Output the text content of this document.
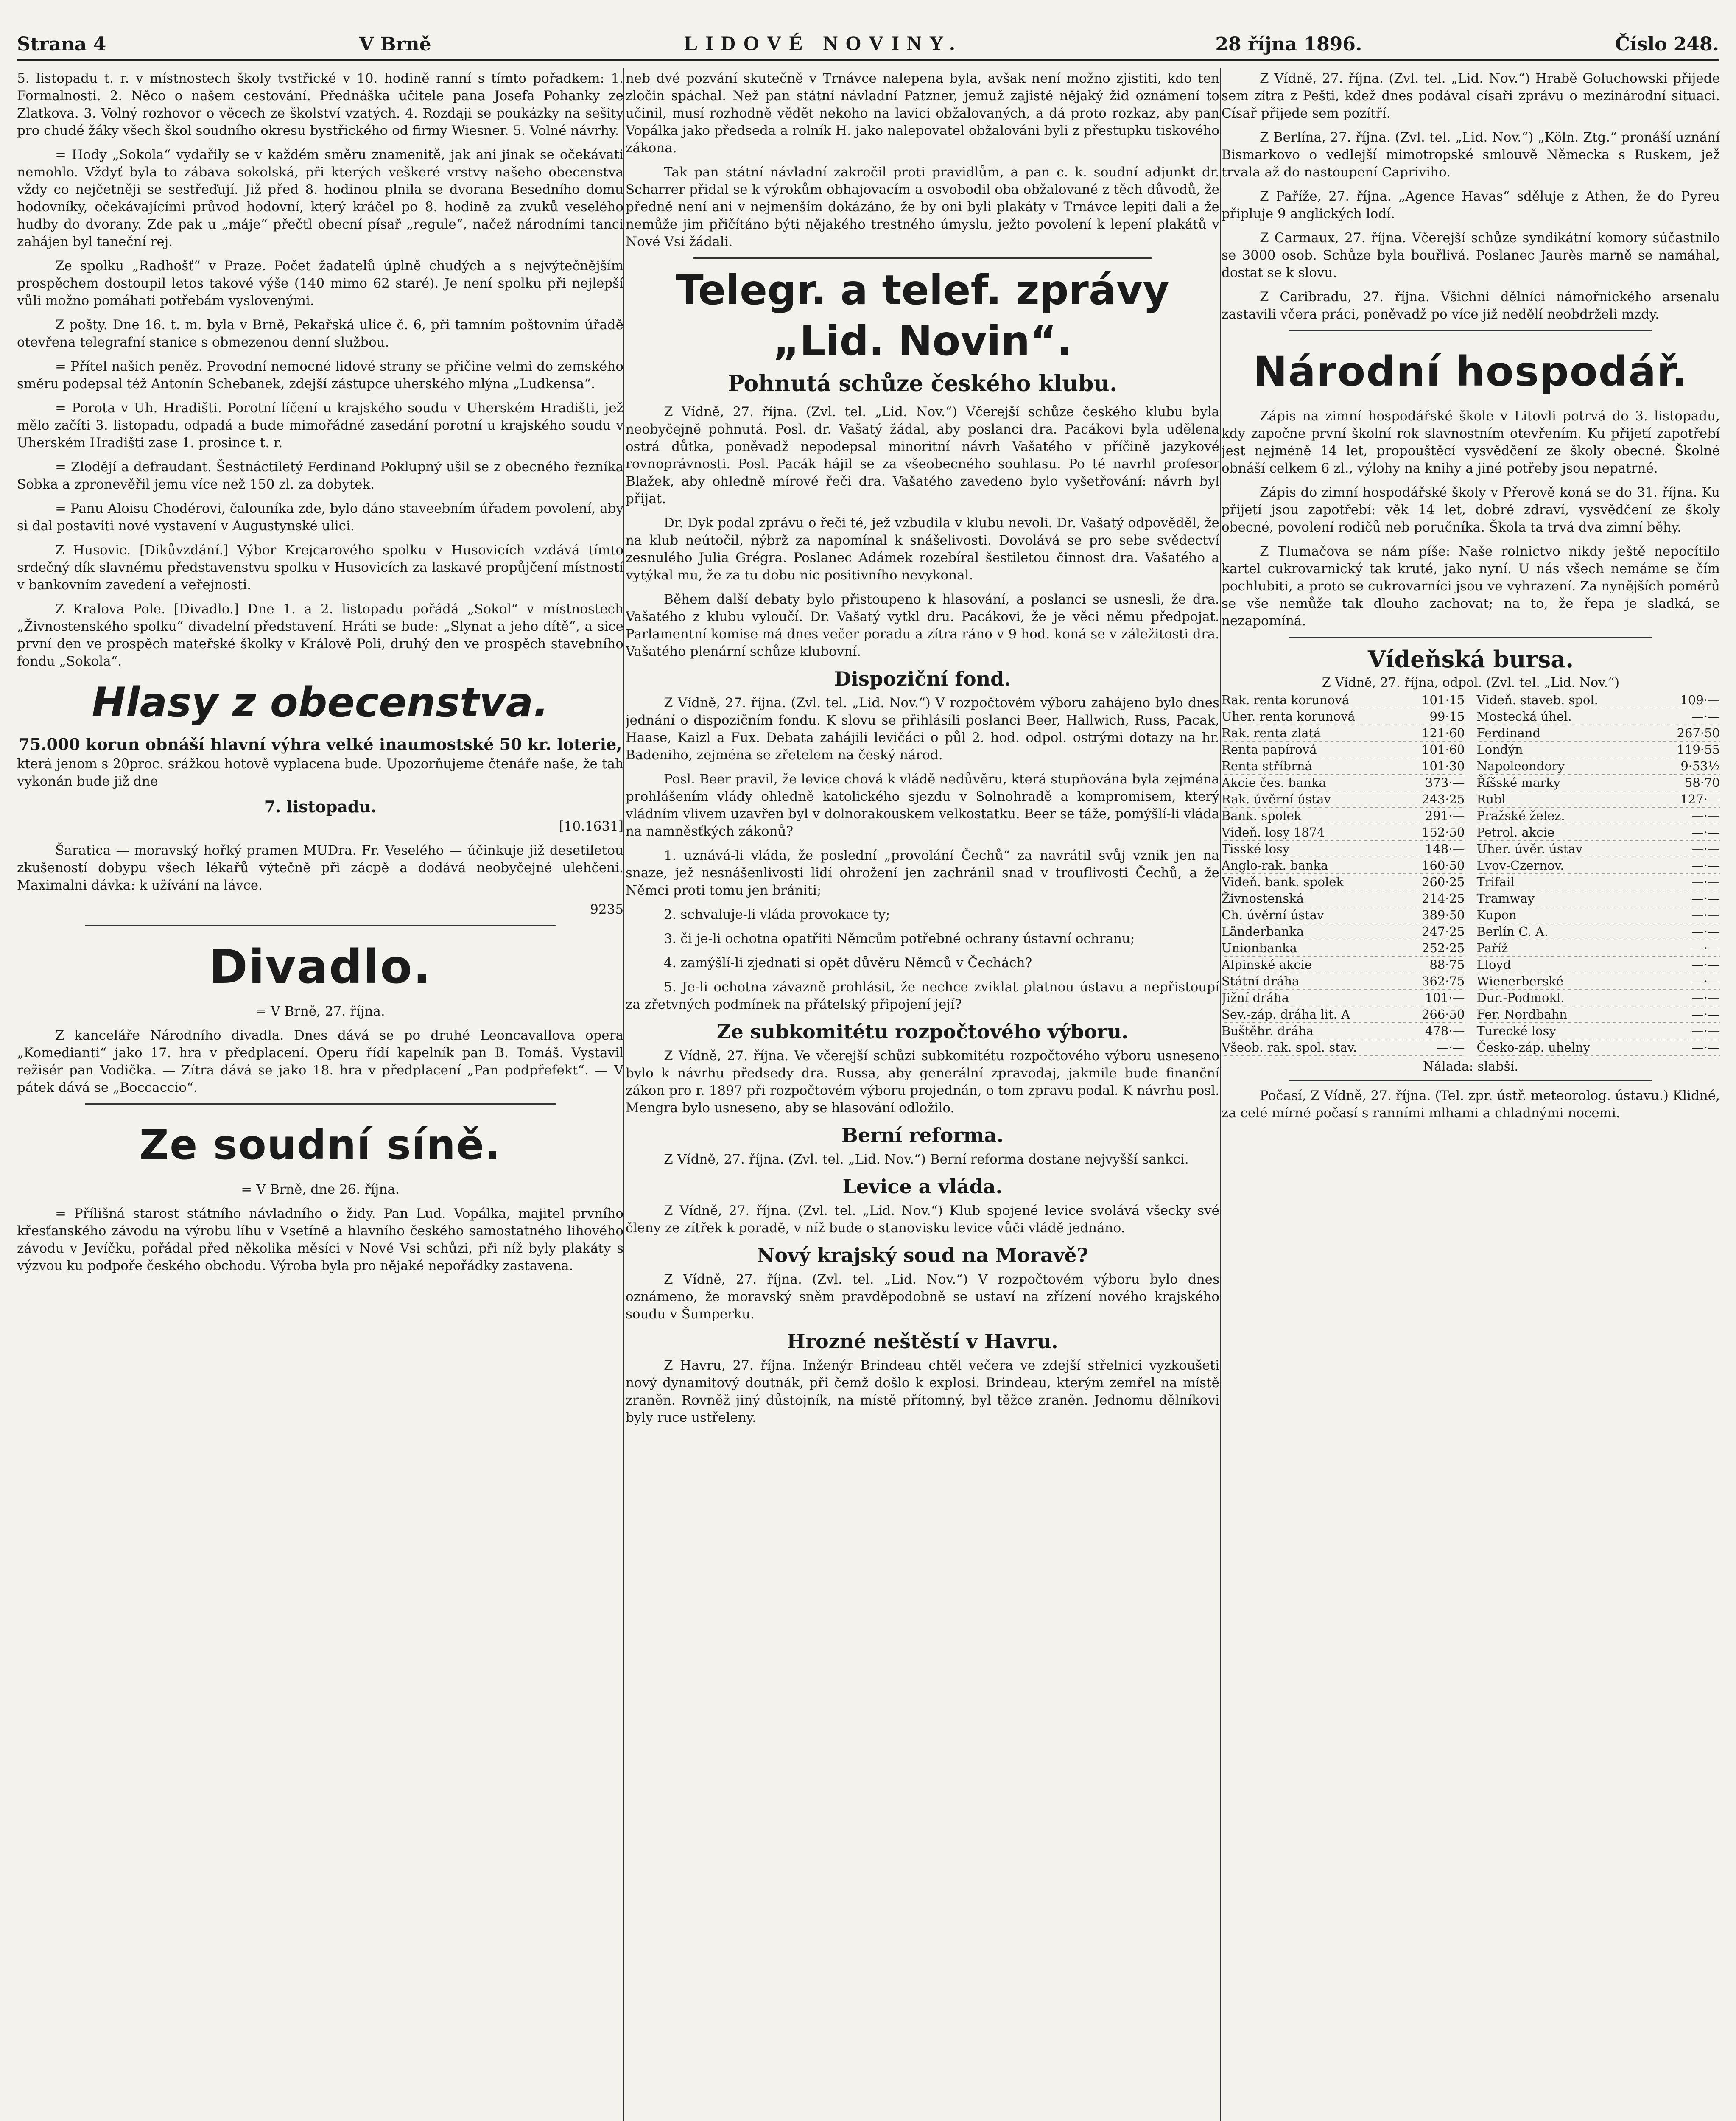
Strana 4	V Brně	LIDOVÉ NOVINY.	28 října 1896.	Číslo 248.

5. listopadu t. r. v místnostech školy tvstřické v 10. hodině ranní s tímto pořadkem: 1. Formalnosti. 2. Něco o našem cestování. Přednáška učitele pana Josefa Pohanky ze Zlatkova. 3. Volný rozhovor o věcech ze školství vzatých. 4. Rozdaji se poukázky na sešity pro chudé žáky všech škol soudního okresu bystřického od firmy Wiesner. 5. Volné návrhy.

= Hody „Sokola“ vydařily se v každém směru znamenitě, jak ani jinak se očekávati nemohlo. Vždyť byla to zábava sokolská, při kterých veškeré vrstvy našeho obecenstva vždy co nejčetněji se sestřeďují. Již před 8. hodinou plnila se dvorana Besedního domu hodovníky, očekávajícími průvod hodovní, který kráčel po 8. hodině za zvuků veselého hudby do dvorany. Zde pak u „máje“ přečtl obecní písař „regule“, načež národními tanci zahájen byl taneční rej.

Ze spolku „Radhošť“ v Praze. Počet žadatelů úplně chudých a s nejvýtečnějším prospěchem dostoupil letos takové výše (140 mimo 62 staré). Je není spolku při nejlepší vůli možno pomáhati potřebám vyslovenými.

Z pošty. Dne 16. t. m. byla v Brně, Pekařská ulice č. 6, při tamním poštovním úřadě otevřena telegrafní stanice s obmezenou denní službou.

= Přítel našich peněz. Provodní nemocné lidové strany se přičine velmi do zemského směru podepsal též Antonín Schebanek, zdejší zástupce uherského mlýna „Ludkensa“.

= Porota v Uh. Hradišti. Porotní líčení u krajského soudu v Uherském Hradišti, jež mělo začíti 3. listopadu, odpadá a bude mimořádné zasedání porotní u krajského soudu v Uherském Hradišti zase 1. prosince t. r.

= Zlodějí a defraudant. Šestnáctiletý Ferdinand Poklupný ušil se z obecného řezníka Sobka a zpronevěřil jemu více než 150 zl. za dobytek.

= Panu Aloisu Chodérovi, čalouníka zde, bylo dáno staveebním úřadem povolení, aby si dal postaviti nové vystavení v Augustynské ulici.

Z Husovic. [Dikůvzdání.] Výbor Krejcarového spolku v Husovicích vzdává tímto srdečný dík slavnému představenstvu spolku v Husovicích za laskavé propůjčení místností v bankovním zavedení a veřejnosti.

Z Kralova Pole. [Divadlo.] Dne 1. a 2. listopadu pořádá „Sokol“ v místnostech „Živnostenského spolku“ divadelní představení. Hráti se bude: „Slynat a jeho dítě“, a sice první den ve prospěch mateřské školky v Králově Poli, druhý den ve prospěch stavebního fondu „Sokola“.

Hlasy z obecenstva.
75.000 korun obnáší hlavní výhra velké inaumostské 50 kr. loterie,

která jenom s 20proc. srážkou hotově vyplacena bude. Upozorňujeme čtenáře naše, že tah vykonán bude již dne

7. listopadu.
[10.1631]

Šaratica — moravský hořký pramen MUDra. Fr. Veselého — účinkuje již desetiletou zkušeností dobypu všech lékařů výtečně při zácpě a dodává neobyčejné ulehčeni. Maximalni dávka: k užívání na lávce.

9235
Divadlo.
= V Brně, 27. října.

Z kanceláře Národního divadla. Dnes dává se po druhé Leoncavallova opera „Komedianti“ jako 17. hra v předplacení. Operu řídí kapelník pan B. Tomáš. Vystavil režisér pan Vodička. — Zítra dává se jako 18. hra v předplacení „Pan podpřefekt“. — V pátek dává se „Boccaccio“.

Ze soudní síně.
= V Brně, dne 26. října.

= Přílišná starost státního návladního o židy. Pan Lud. Vopálka, majitel prvního křesťanského závodu na výrobu líhu v Vsetíně a hlavního českého samostatného lihového závodu v Jevíčku, pořádal před několika měsíci v Nové Vsi schůzi, při níž byly plakáty s výzvou ku podpoře českého obchodu. Výroba byla pro nějaké nepořádky zastavena.

neb dvé pozvání skutečně v Trnávce nalepena byla, avšak není možno zjistiti, kdo ten zločin spáchal. Než pan státní návladní Patzner, jemuž zajisté nějaký žid oznámení to učinil, musí rozhodně vědět nekoho na lavici obžalovaných, a dá proto rozkaz, aby pan Vopálka jako předseda a rolník H. jako nalepovatel obžalováni byli z přestupku tiskového zákona.

Tak pan státní návladní zakročil proti pravidlům, a pan c. k. soudní adjunkt dr. Scharrer přidal se k výrokům obhajovacím a osvobodil oba obžalované z těch důvodů, že předně není ani v nejmenším dokázáno, že by oni byli plakáty v Trnávce lepiti dali a že nemůže jim přičítáno býti nějakého trestného úmyslu, ježto povolení k lepení plakátů v Nové Vsi žádali.

Telegr. a telef. zprávy „Lid. Novin“.
Pohnutá schůze českého klubu.

Z Vídně, 27. října. (Zvl. tel. „Lid. Nov.“) Včerejší schůze českého klubu byla neobyčejně pohnutá. Posl. dr. Vašatý žádal, aby poslanci dra. Pacákovi byla udělena ostrá důtka, poněvadž nepodepsal minoritní návrh Vašatého v příčině jazykové rovnoprávnosti. Posl. Pacák hájil se za všeobecného souhlasu. Po té navrhl profesor Blažek, aby ohledně mírové řeči dra. Vašatého zavedeno bylo vyšetřování: návrh byl přijat.

Dr. Dyk podal zprávu o řeči té, jež vzbudila v klubu nevoli. Dr. Vašatý odpověděl, že na klub neútočil, nýbrž za napomínal k snášelivosti. Dovolává se pro sebe svědectví zesnulého Julia Grégra. Poslanec Adámek rozebíral šestiletou činnost dra. Vašatého a vytýkal mu, že za tu dobu nic positivního nevykonal.

Během další debaty bylo přistoupeno k hlasování, a poslanci se usnesli, že dra. Vašatého z klubu vyloučí. Dr. Vašatý vytkl dru. Pacákovi, že je věci němu předpojat. Parlamentní komise má dnes večer poradu a zítra ráno v 9 hod. koná se v záležitosti dra. Vašatého plenární schůze klubovní.

Dispoziční fond.

Z Vídně, 27. října. (Zvl. tel. „Lid. Nov.“) V rozpočtovém výboru zahájeno bylo dnes jednání o dispozičním fondu. K slovu se přihlásili poslanci Beer, Hallwich, Russ, Pacak, Haase, Kaizl a Fux. Debata zahájili levičáci o půl 2. hod. odpol. ostrými dotazy na hr. Badeniho, zejména se zřetelem na český národ.

Posl. Beer pravil, že levice chová k vládě nedůvěru, která stupňována byla zejména prohlášením vlády ohledně katolického sjezdu v Solnohradě a kompromisem, který vládním vlivem uzavřen byl v dolnorakouskem velkostatku. Beer se táže, pomýšlí-li vláda na namněsťkých zákonů?

1. uznává-li vláda, že poslední „provolání Čechů“ za navrátil svůj vznik jen na snaze, jež nesnášenlivosti lidí ohrožení jen zachránil snad v trouflivosti Čechů, a že Němci proti tomu jen brániti;

2. schvaluje-li vláda provokace ty;

3. či je-li ochotna opatřiti Němcům potřebné ochrany ústavní ochranu;

4. zamýšlí-li zjednati si opět důvěru Němců v Čechách?

5. Je-li ochotna závazně prohlásit, že nechce zviklat platnou ústavu a nepřistoupí za zřetvných podmínek na přátelský připojení její?

Ze subkomitétu rozpočtového výboru.

Z Vídně, 27. října. Ve včerejší schůzi subkomitétu rozpočtového výboru usneseno bylo k návrhu předsedy dra. Russa, aby generální zpravodaj, jakmile bude finanční zákon pro r. 1897 při rozpočtovém výboru projednán, o tom zpravu podal. K návrhu posl. Mengra bylo usneseno, aby se hlasování odložilo.

Berní reforma.

Z Vídně, 27. října. (Zvl. tel. „Lid. Nov.“) Berní reforma dostane nejvyšší sankci.

Levice a vláda.

Z Vídně, 27. října. (Zvl. tel. „Lid. Nov.“) Klub spojené levice svolává všecky své členy ze zítřek k poradě, v níž bude o stanovisku levice vůči vládě jednáno.

Nový krajský soud na Moravě?

Z Vídně, 27. října. (Zvl. tel. „Lid. Nov.“) V rozpočtovém výboru bylo dnes oznámeno, že moravský sněm pravděpodobně se ustaví na zřízení nového krajského soudu v Šumperku.

Hrozné neštěstí v Havru.

Z Havru, 27. října. Inženýr Brindeau chtěl večera ve zdejší střelnici vyzkoušeti nový dynamitový doutnák, při čemž došlo k explosi. Brindeau, kterým zemřel na místě zraněn. Rovněž jiný důstojník, na místě přítomný, byl těžce zraněn. Jednomu dělníkovi byly ruce ustřeleny.

Z Vídně, 27. října. (Zvl. tel. „Lid. Nov.“) Hrabě Goluchowski přijede sem zítra z Pešti, kdež dnes podával císaři zprávu o mezinárodní situaci. Císař přijede sem pozítří.

Z Berlína, 27. října. (Zvl. tel. „Lid. Nov.“) „Köln. Ztg.“ pronáší uznání Bismarkovo o vedlejší mimotropské smlouvě Německa s Ruskem, jež trvala až do nastoupení Capriviho.

Z Paříže, 27. října. „Agence Havas“ sděluje z Athen, že do Pyreu připluje 9 anglických lodí.

Z Carmaux, 27. října. Včerejší schůze syndikátní komory súčastnilo se 3000 osob. Schůze byla bouřlivá. Poslanec Jaurès marně se namáhal, dostat se k slovu.

Z Caribradu, 27. října. Všichni dělníci námořnického arsenalu zastavili včera práci, poněvadž po více již nedělí neobdrželi mzdy.

Národní hospodář.

Zápis na zimní hospodářské škole v Litovli potrvá do 3. listopadu, kdy započne první školní rok slavnostním otevřením. Ku přijetí zapotřebí jest nejméně 14 let, propouštěcí vysvědčení ze školy obecné. Školné obnáší celkem 6 zl., výlohy na knihy a jiné potřeby jsou nepatrné.

Zápis do zimní hospodářské školy v Přerově koná se do 31. října. Ku přijetí jsou zapotřebí: věk 14 let, dobré zdraví, vysvědčení ze školy obecné, povolení rodičů neb poručníka. Škola ta trvá dva zimní běhy.

Z Tlumačova se nám píše: Naše rolnictvo nikdy ještě nepocítilo kartel cukrovarnický tak kruté, jako nyní. U nás všech nemáme se čím pochlubiti, a proto se cukrovarníci jsou ve vyhrazení. Za nynějších poměrů se vše nemůže tak dlouho zachovat; na to, že řepa je sladká, se nezapomíná.

Vídeňská bursa.
Z Vídně, 27. října, odpol. (Zvl. tel. „Lid. Nov.“)
Rak. renta korunová	101·15
Uher. renta korunová	99·15
Rak. renta zlatá	121·60
Renta papírová	101·60
Renta stříbrná	101·30
Akcie čes. banka	373·—
Rak. úvěrní ústav	243·25
Bank. spolek	291·—
Videň. losy 1874	152·50
Tisské losy	148·—
Anglo-rak. banka	160·50
Videň. bank. spolek	260·25
Živnostenská	214·25
Ch. úvěrní ústav	389·50
Länderbanka	247·25
Unionbanka	252·25
Alpinské akcie	88·75
Státní dráha	362·75
Jižní dráha	101·—
Sev.-záp. dráha lit. A	266·50
Buštěhr. dráha	478·—
Všeob. rak. spol. stav.	—·—
Videň. staveb. spol.	109·—
Mostecká úhel.	—·—
Ferdinand	267·50
Londýn	119·55
Napoleondory	9·53½
Říšské marky	58·70
Rubl	127·—
Pražské želez.	—·—
Petrol. akcie	—·—
Uher. úvěr. ústav	—·—
Lvov-Czernov.	—·—
Trifail	—·—
Tramway	—·—
Kupon	—·—
Berlín C. A.	—·—
Paříž	—·—
Lloyd	—·—
Wienerberské	—·—
Dur.-Podmokl.	—·—
Fer. Nordbahn	—·—
Turecké losy	—·—
Česko-záp. uhelny	—·—
Nálada: slabší.

Počasí, Z Vídně, 27. října. (Tel. zpr. ústř. meteorolog. ústavu.) Klidné, za celé mírné počasí s ranními mlhami a chladnými nocemi.
